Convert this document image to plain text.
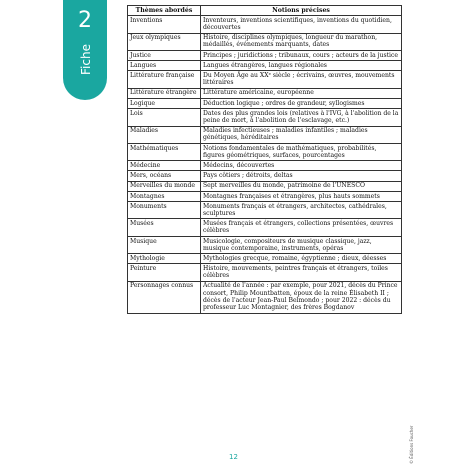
2
Fiche
Thèmes abordés	Notions précises
Inventions	Inventeurs, inventions scientifiques, inventions du quotidien, découvertes
Jeux olympiques	Histoire, disciplines olympiques, longueur du marathon, médaillés, événements marquants, dates
Justice	Principes ; juridictions ; tribunaux, cours ; acteurs de la justice
Langues	Langues étrangères, langues régionales
Littérature française	Du Moyen Âge au XXᵉ siècle ; écrivains, œuvres, mouvements littéraires
Littérature étrangère	Littérature américaine, européenne
Logique	Déduction logique ; ordres de grandeur, syllogismes
Lois	Dates des plus grandes lois (relatives à l'IVG, à l'abolition de la peine de mort, à l'abolition de l'esclavage, etc.)
Maladies	Maladies infectieuses ; maladies infantiles ; maladies génétiques, héréditaires
Mathématiques	Notions fondamentales de mathématiques, probabilités, figures géométriques, surfaces, pourcentages
Médecine	Médecins, découvertes
Mers, océans	Pays côtiers ; détroits, deltas
Merveilles du monde	Sept merveilles du monde, patrimoine de l'UNESCO
Montagnes	Montagnes françaises et étrangères, plus hauts sommets
Monuments	Monuments français et étrangers, architectes, cathédrales, sculptures
Musées	Musées français et étrangers, collections présentées, œuvres célèbres
Musique	Musicologie, compositeurs de musique classique, jazz, musique contemporaine, instruments, opéras
Mythologie	Mythologies grecque, romaine, égyptienne ; dieux, déesses
Peinture	Histoire, mouvements, peintres français et étrangers, toiles célèbres
Personnages connus	Actualité de l'année : par exemple, pour 2021, décès du Prince consort, Philip Mountbatten, époux de la reine Élisabeth II ; décès de l'acteur Jean-Paul Belmondo ; pour 2022 : décès du professeur Luc Montagnier, des frères Bogdanov
12	© Éditions Foucher
